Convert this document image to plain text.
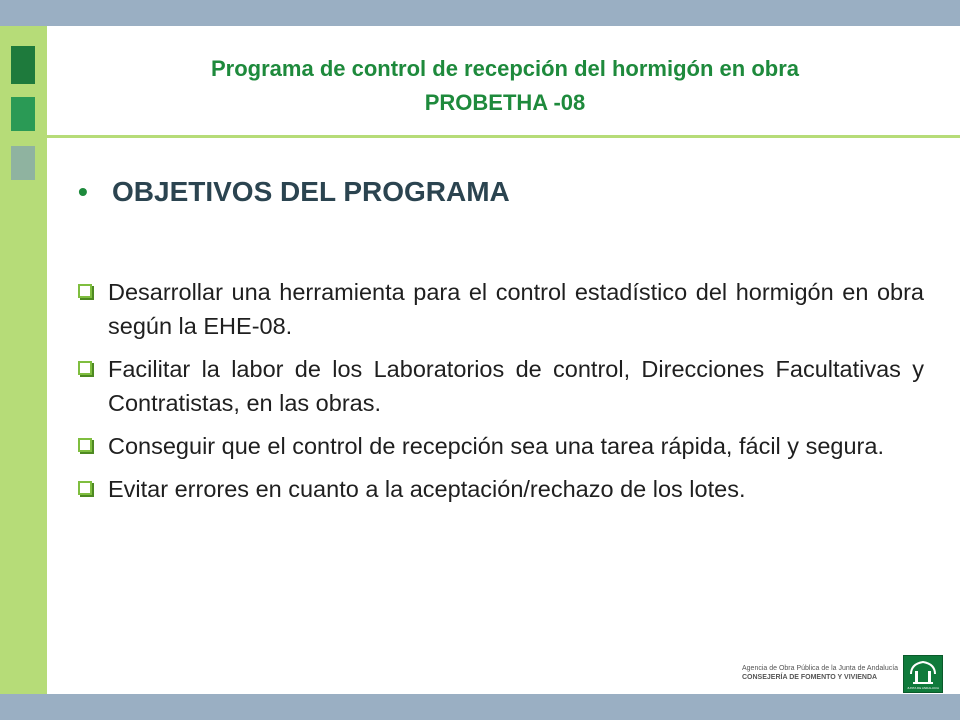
Programa de control de recepción del hormigón en obra
PROBETHA -08
• OBJETIVOS DEL PROGRAMA
Desarrollar una herramienta para el control estadístico del hormigón en obra según la EHE-08.
Facilitar la labor de los Laboratorios de control, Direcciones Facultativas y Contratistas, en las obras.
Conseguir que el control de recepción sea una tarea rápida, fácil y segura.
Evitar errores en cuanto a la aceptación/rechazo de los lotes.
Agencia de Obra Pública de la Junta de Andalucía
CONSEJERÍA DE FOMENTO Y VIVIENDA
JUNTA DE ANDALUCIA
